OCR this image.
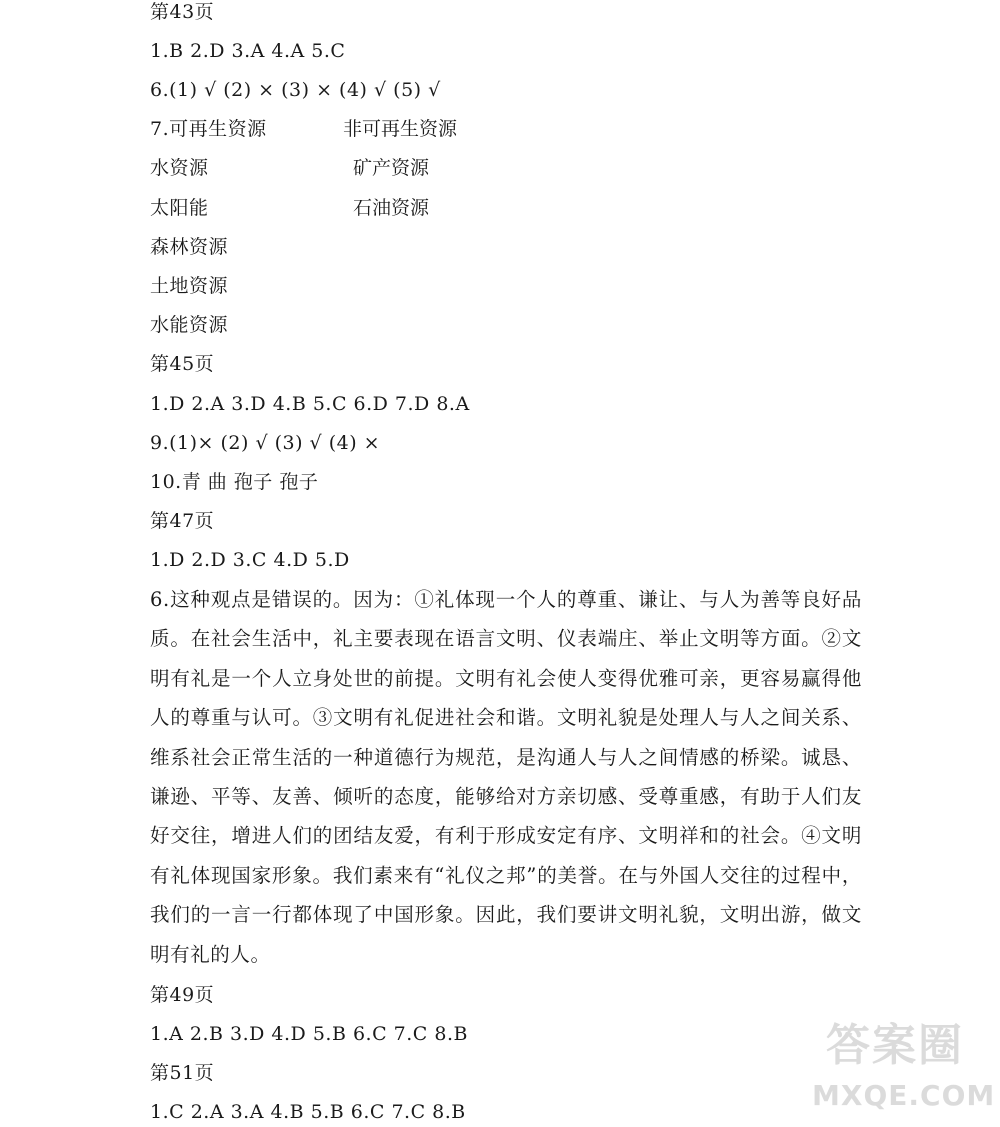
第43页
1.B 2.D 3.A 4.A 5.C
6.(1) √ (2) × (3) × (4) √ (5) √
7.可再生资源	非可再生资源
水资源	矿产资源
太阳能	石油资源
森林资源
土地资源
水能资源
第45页
1.D 2.A 3.D 4.B 5.C 6.D 7.D 8.A
9.(1)× (2) √ (3) √ (4) ×
10.青 曲 孢子 孢子
第47页
1.D 2.D 3.C 4.D 5.D
6.这种观点是错误的。因为：①礼体现一个人的尊重、谦让、与人为善等良好品质。在社会生活中，礼主要表现在语言文明、仪表端庄、举止文明等方面。②文明有礼是一个人立身处世的前提。文明有礼会使人变得优雅可亲，更容易赢得他人的尊重与认可。③文明有礼促进社会和谐。文明礼貌是处理人与人之间关系、维系社会正常生活的一种道德行为规范，是沟通人与人之间情感的桥梁。诚恳、谦逊、平等、友善、倾听的态度，能够给对方亲切感、受尊重感，有助于人们友好交往，增进人们的团结友爱，有利于形成安定有序、文明祥和的社会。④文明有礼体现国家形象。我们素来有“礼仪之邦”的美誉。在与外国人交往的过程中，我们的一言一行都体现了中国形象。因此，我们要讲文明礼貌，文明出游，做文明有礼的人。
第49页
1.A 2.B 3.D 4.D 5.B 6.C 7.C 8.B
第51页
1.C 2.A 3.A 4.B 5.B 6.C 7.C 8.B
答案圈
MXQE.COM
